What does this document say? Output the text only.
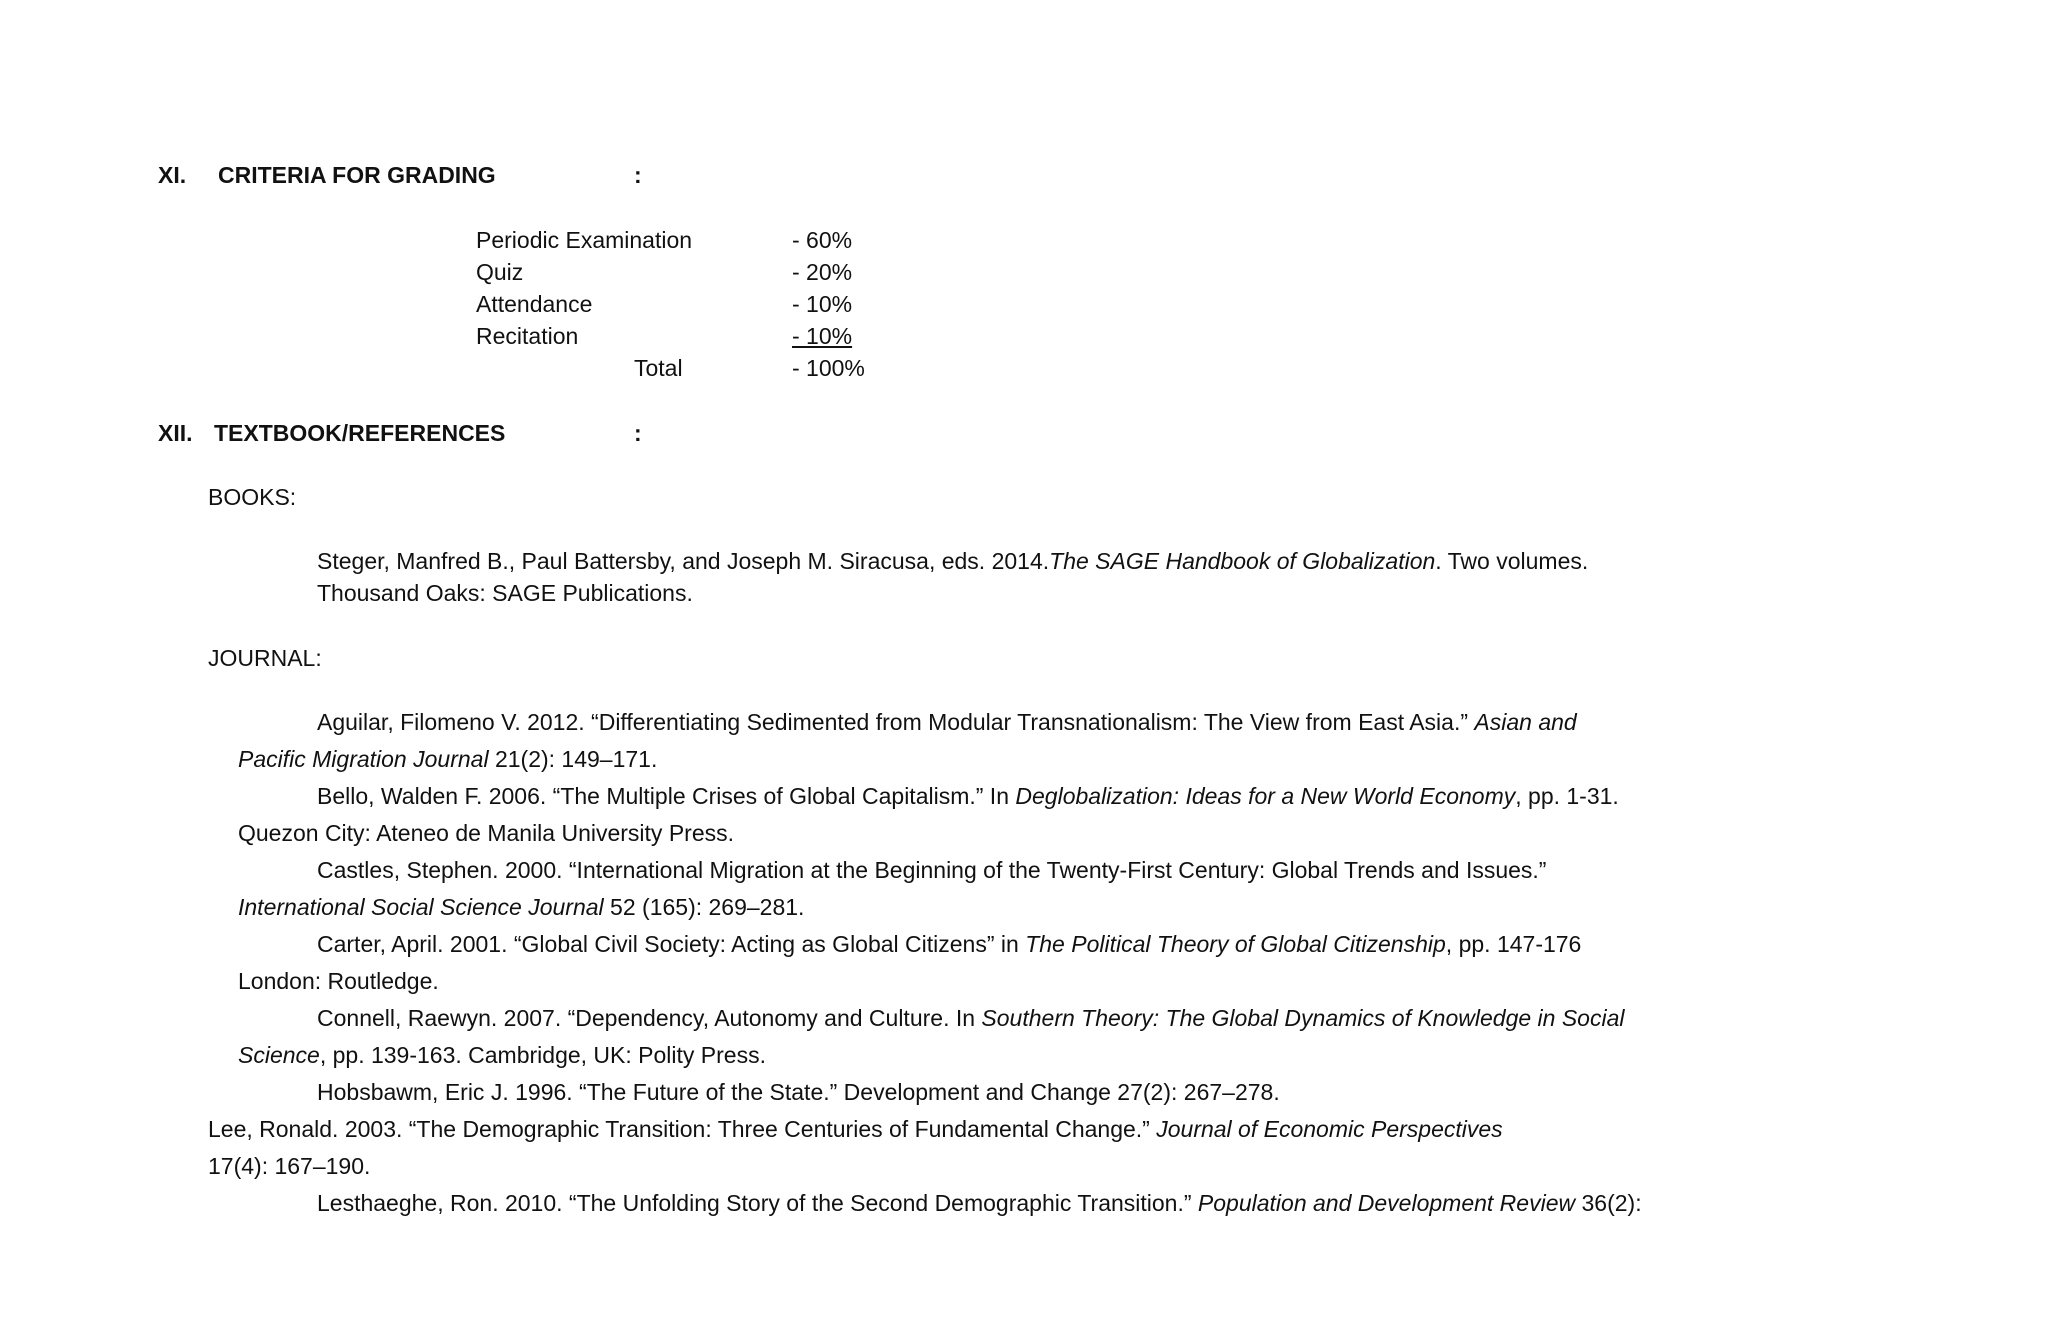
XI. CRITERIA FOR GRADING	:
Periodic Examination	- 60%
Quiz	- 20%
Attendance	- 10%
Recitation	- 10%
Total	- 100%
XII. TEXTBOOK/REFERENCES	:
BOOKS:
Steger, Manfred B., Paul Battersby, and Joseph M. Siracusa, eds. 2014.The SAGE Handbook of Globalization. Two volumes.
Thousand Oaks: SAGE Publications.
JOURNAL:
Aguilar, Filomeno V. 2012. “Differentiating Sedimented from Modular Transnationalism: The View from East Asia.” Asian and
Pacific Migration Journal 21(2): 149–171.
Bello, Walden F. 2006. “The Multiple Crises of Global Capitalism.” In Deglobalization: Ideas for a New World Economy, pp. 1-31.
Quezon City: Ateneo de Manila University Press.
Castles, Stephen. 2000. “International Migration at the Beginning of the Twenty-First Century: Global Trends and Issues.”
International Social Science Journal 52 (165): 269–281.
Carter, April. 2001. “Global Civil Society: Acting as Global Citizens” in The Political Theory of Global Citizenship, pp. 147-176
London: Routledge.
Connell, Raewyn. 2007. “Dependency, Autonomy and Culture. In Southern Theory: The Global Dynamics of Knowledge in Social
Science, pp. 139-163. Cambridge, UK: Polity Press.
Hobsbawm, Eric J. 1996. “The Future of the State.” Development and Change 27(2): 267–278.
Lee, Ronald. 2003. “The Demographic Transition: Three Centuries of Fundamental Change.” Journal of Economic Perspectives
17(4): 167–190.
Lesthaeghe, Ron. 2010. “The Unfolding Story of the Second Demographic Transition.” Population and Development Review 36(2):
